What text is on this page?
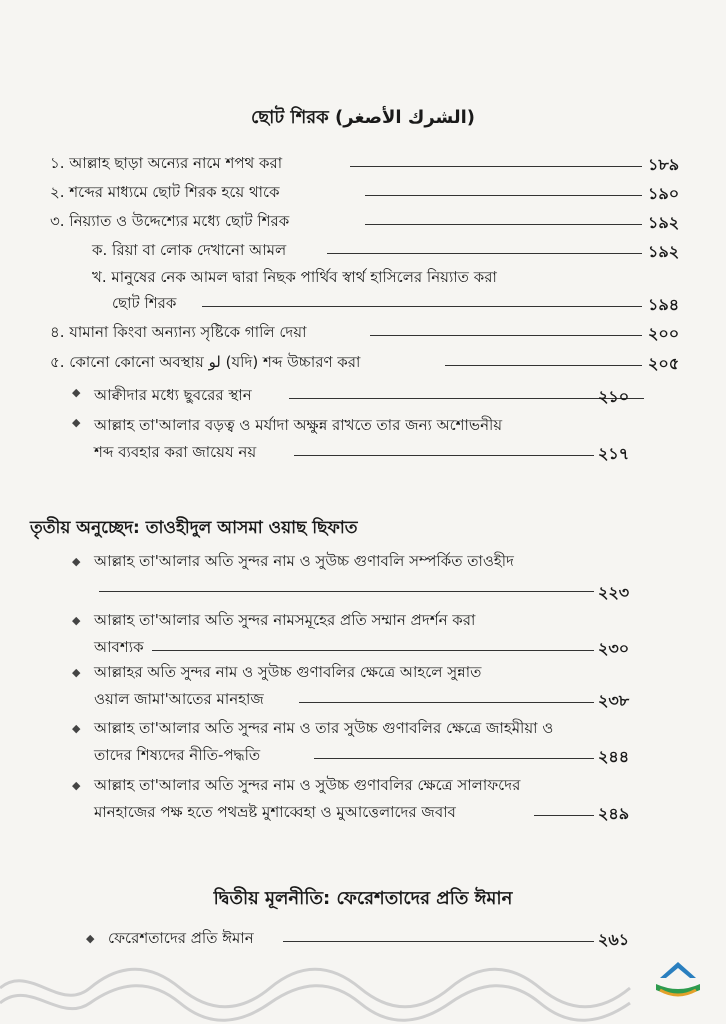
ছোট শিরক (الشرك الأصغر)
১. আল্লাহ ছাড়া অন্যের নামে শপথ করা	১৮৯
২. শব্দের মাধ্যমে ছোট শিরক হয়ে থাকে	১৯০
৩. নিয়্যাত ও উদ্দেশ্যের মধ্যে ছোট শিরক	১৯২
ক. রিয়া বা লোক দেখানো আমল	১৯২
খ. মানুষের নেক আমল দ্বারা নিছক পার্থিব স্বার্থ হাসিলের নিয়্যাত করা
ছোট শিরক	১৯৪
৪. যামানা কিংবা অন্যান্য সৃষ্টিকে গালি দেয়া	২০০
৫. কোনো কোনো অবস্থায় لو (যদি) শব্দ উচ্চারণ করা	২০৫
◆ আক্বীদার মধ্যে ছুবরের স্থান	২১০
◆ আল্লাহ তা'আলার বড়ত্ব ও মর্যাদা অক্ষুন্ন রাখতে তার জন্য অশোভনীয়
শব্দ ব্যবহার করা জায়েয নয়	২১৭
তৃতীয় অনুচ্ছেদ: তাওহীদুল আসমা ওয়াছ ছিফাত
◆ আল্লাহ তা'আলার অতি সুন্দর নাম ও সুউচ্চ গুণাবলি সম্পর্কিত তাওহীদ
২২৩
◆ আল্লাহ তা'আলার অতি সুন্দর নামসমূহের প্রতি সম্মান প্রদর্শন করা
আবশ্যক	২৩০
◆ আল্লাহর অতি সুন্দর নাম ও সুউচ্চ গুণাবলির ক্ষেত্রে আহলে সুন্নাত
ওয়াল জামা'আতের মানহাজ	২৩৮
◆ আল্লাহ তা'আলার অতি সুন্দর নাম ও তার সুউচ্চ গুণাবলির ক্ষেত্রে জাহমীয়া ও
তাদের শিষ্যদের নীতি-পদ্ধতি	২৪৪
◆ আল্লাহ তা'আলার অতি সুন্দর নাম ও সুউচ্চ গুণাবলির ক্ষেত্রে সালাফদের
মানহাজের পক্ষ হতে পথভ্রষ্ট মুশাব্বেহা ও মুআত্তেলাদের জবাব	২৪৯
দ্বিতীয় মূলনীতি: ফেরেশতাদের প্রতি ঈমান
◆ ফেরেশতাদের প্রতি ঈমান	২৬১
